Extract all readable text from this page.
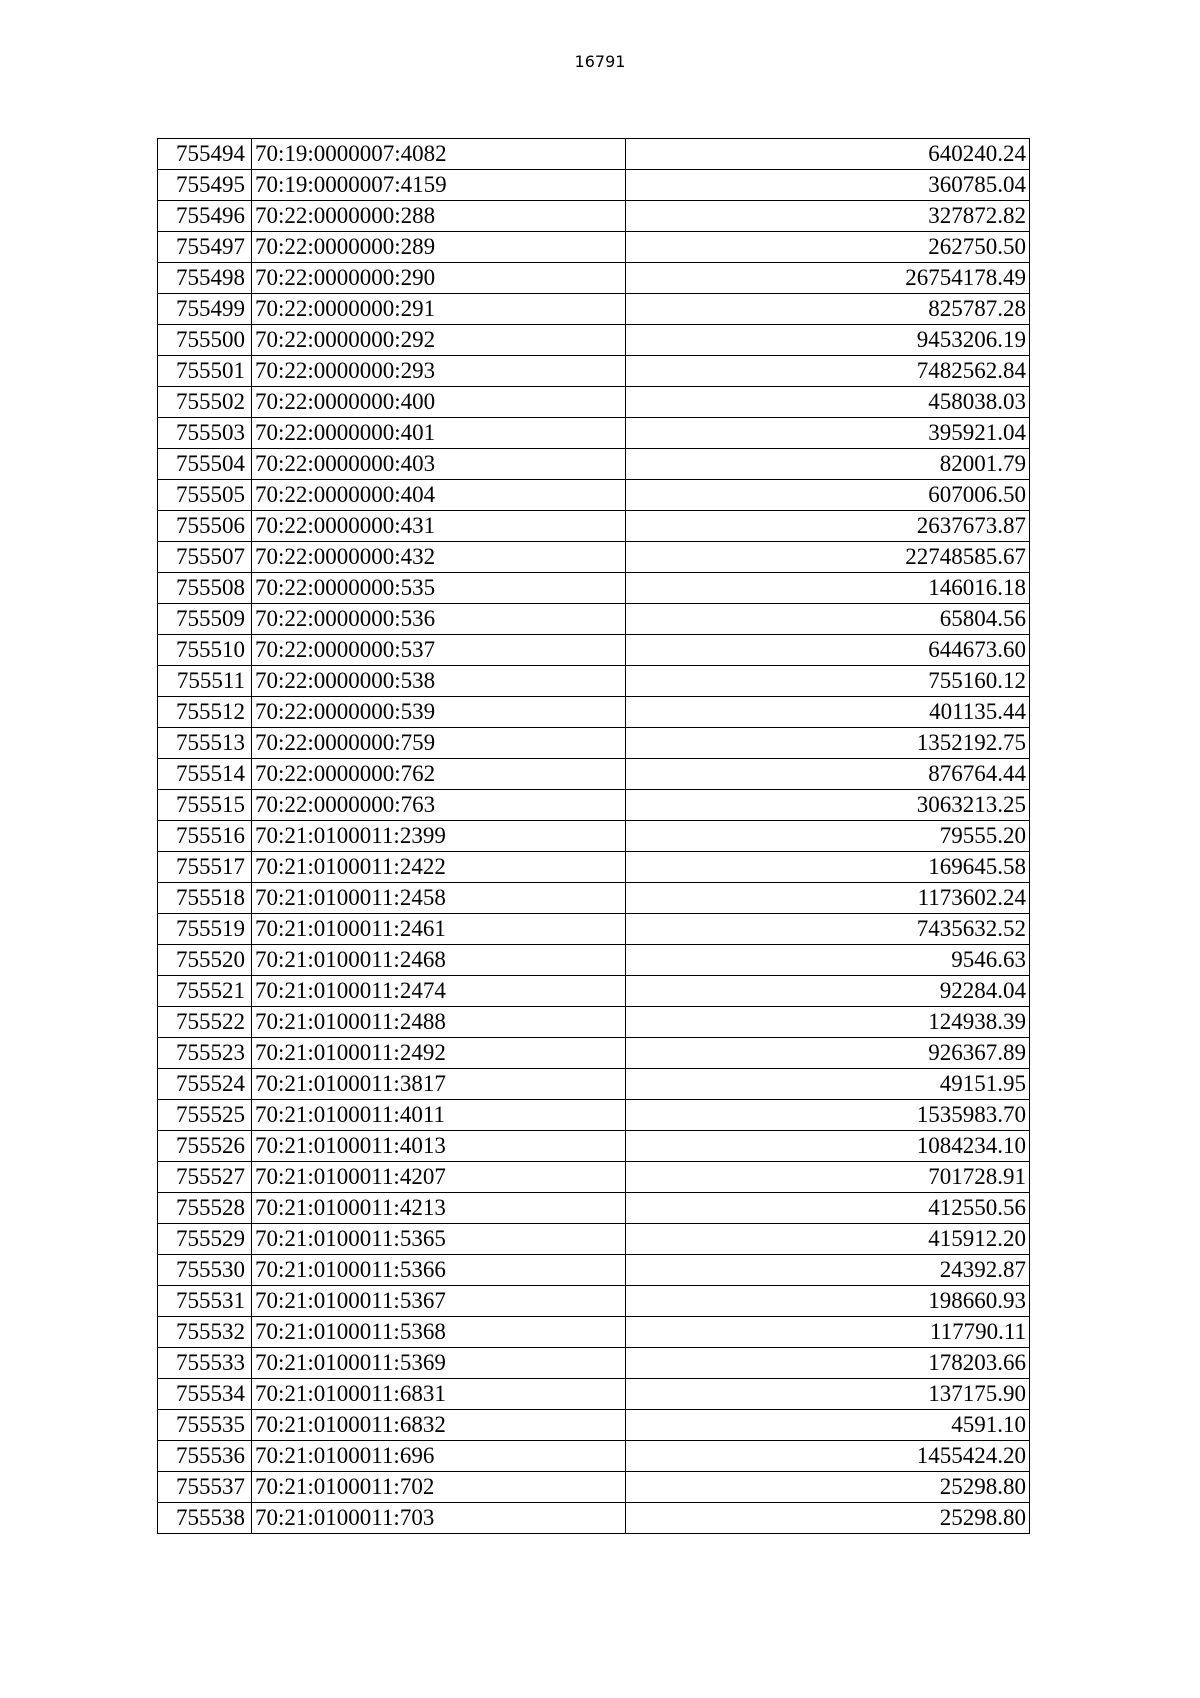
16791
755494	70:19:0000007:4082	640240.24
755495	70:19:0000007:4159	360785.04
755496	70:22:0000000:288	327872.82
755497	70:22:0000000:289	262750.50
755498	70:22:0000000:290	26754178.49
755499	70:22:0000000:291	825787.28
755500	70:22:0000000:292	9453206.19
755501	70:22:0000000:293	7482562.84
755502	70:22:0000000:400	458038.03
755503	70:22:0000000:401	395921.04
755504	70:22:0000000:403	82001.79
755505	70:22:0000000:404	607006.50
755506	70:22:0000000:431	2637673.87
755507	70:22:0000000:432	22748585.67
755508	70:22:0000000:535	146016.18
755509	70:22:0000000:536	65804.56
755510	70:22:0000000:537	644673.60
755511	70:22:0000000:538	755160.12
755512	70:22:0000000:539	401135.44
755513	70:22:0000000:759	1352192.75
755514	70:22:0000000:762	876764.44
755515	70:22:0000000:763	3063213.25
755516	70:21:0100011:2399	79555.20
755517	70:21:0100011:2422	169645.58
755518	70:21:0100011:2458	1173602.24
755519	70:21:0100011:2461	7435632.52
755520	70:21:0100011:2468	9546.63
755521	70:21:0100011:2474	92284.04
755522	70:21:0100011:2488	124938.39
755523	70:21:0100011:2492	926367.89
755524	70:21:0100011:3817	49151.95
755525	70:21:0100011:4011	1535983.70
755526	70:21:0100011:4013	1084234.10
755527	70:21:0100011:4207	701728.91
755528	70:21:0100011:4213	412550.56
755529	70:21:0100011:5365	415912.20
755530	70:21:0100011:5366	24392.87
755531	70:21:0100011:5367	198660.93
755532	70:21:0100011:5368	117790.11
755533	70:21:0100011:5369	178203.66
755534	70:21:0100011:6831	137175.90
755535	70:21:0100011:6832	4591.10
755536	70:21:0100011:696	1455424.20
755537	70:21:0100011:702	25298.80
755538	70:21:0100011:703	25298.80
